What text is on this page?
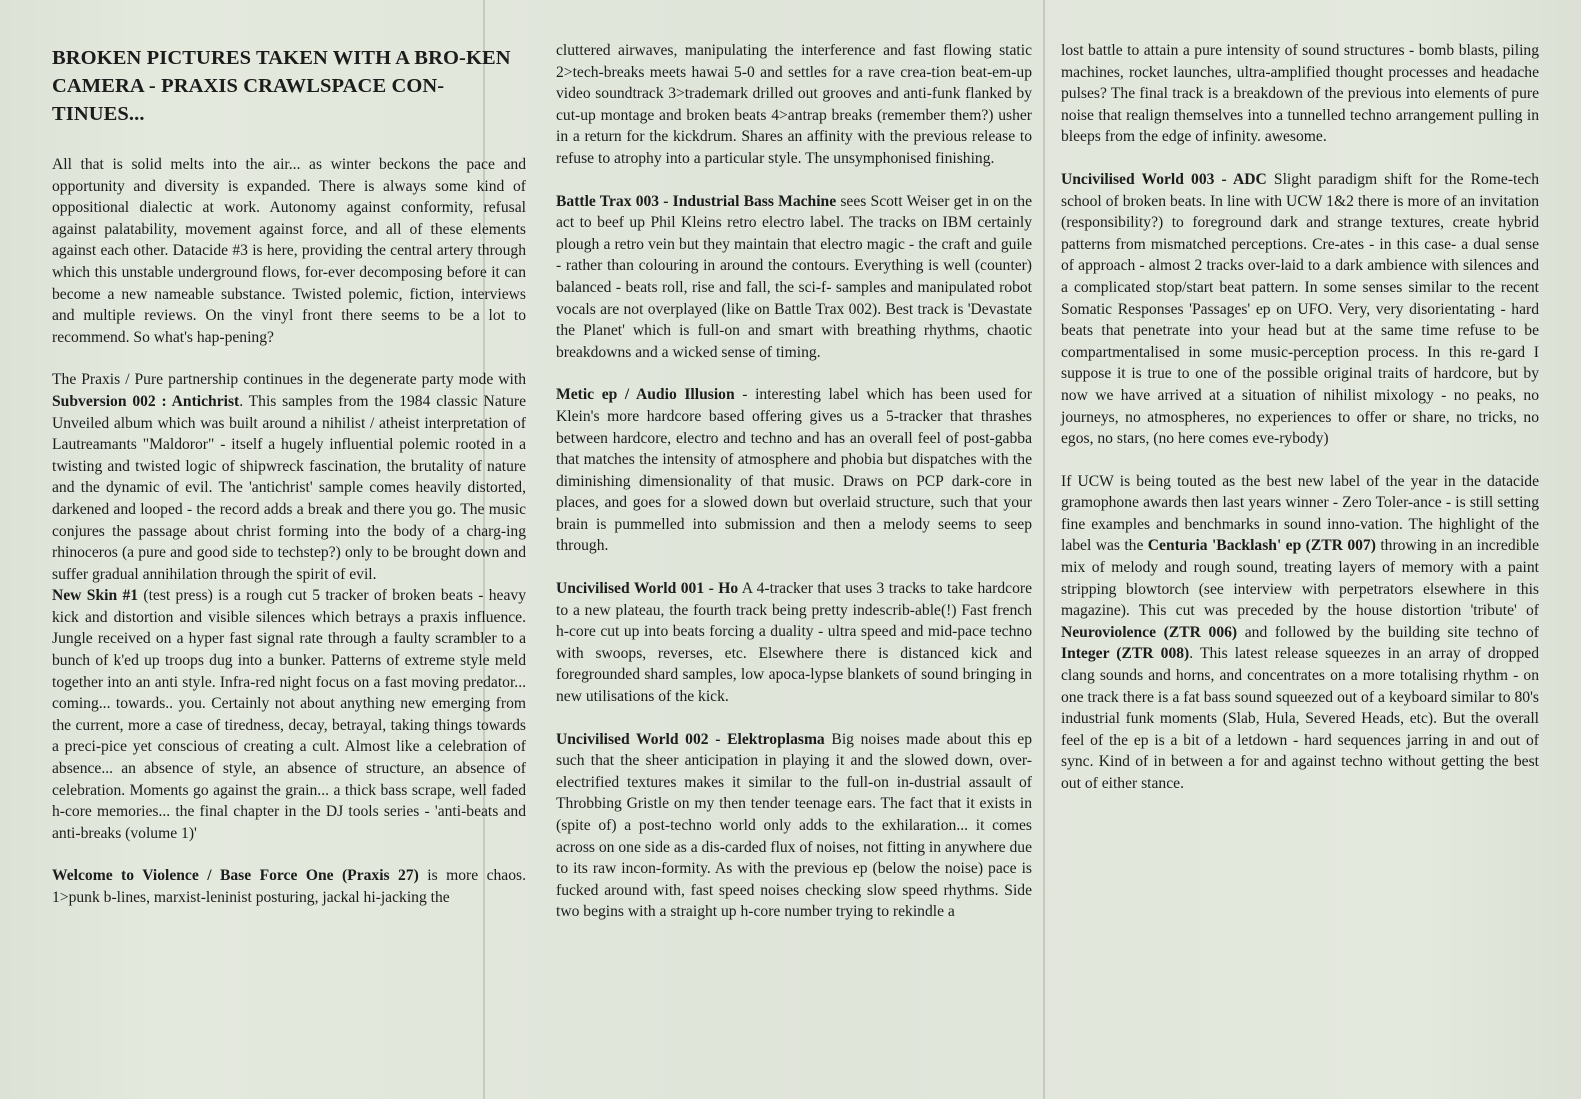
BROKEN PICTURES TAKEN WITH A BRO-KEN CAMERA - PRAXIS CRAWLSPACE CON-TINUES...

All that is solid melts into the air... as winter beckons the pace and opportunity and diversity is expanded. There is always some kind of oppositional dialectic at work. Autonomy against conformity, refusal against palatability, movement against force, and all of these elements against each other. Datacide #3 is here, providing the central artery through which this unstable underground flows, for-ever decomposing before it can become a new nameable substance. Twisted polemic, fiction, interviews and multiple reviews. On the vinyl front there seems to be a lot to recommend. So what's hap-pening?

The Praxis / Pure partnership continues in the degenerate party mode with Subversion 002 : Antichrist. This samples from the 1984 classic Nature Unveiled album which was built around a nihilist / atheist interpretation of Lautreamants "Maldoror" - itself a hugely influential polemic rooted in a twisting and twisted logic of shipwreck fascination, the brutality of nature and the dynamic of evil. The 'antichrist' sample comes heavily distorted, darkened and looped - the record adds a break and there you go. The music conjures the passage about christ forming into the body of a charg-ing rhinoceros (a pure and good side to techstep?) only to be brought down and suffer gradual annihilation through the spirit of evil.

New Skin #1 (test press) is a rough cut 5 tracker of broken beats - heavy kick and distortion and visible silences which betrays a praxis influence. Jungle received on a hyper fast signal rate through a faulty scrambler to a bunch of k'ed up troops dug into a bunker. Patterns of extreme style meld together into an anti style. Infra-red night focus on a fast moving predator... coming... towards.. you. Certainly not about anything new emerging from the current, more a case of tiredness, decay, betrayal, taking things towards a preci-pice yet conscious of creating a cult. Almost like a celebration of absence... an absence of style, an absence of structure, an absence of celebration. Moments go against the grain... a thick bass scrape, well faded h-core memories... the final chapter in the DJ tools series - 'anti-beats and anti-breaks (volume 1)'

Welcome to Violence / Base Force One (Praxis 27) is more chaos. 1>punk b-lines, marxist-leninist posturing, jackal hi-jacking the

cluttered airwaves, manipulating the interference and fast flowing static 2>tech-breaks meets hawai 5-0 and settles for a rave crea-tion beat-em-up video soundtrack 3>trademark drilled out grooves and anti-funk flanked by cut-up montage and broken beats 4>antrap breaks (remember them?) usher in a return for the kickdrum. Shares an affinity with the previous release to refuse to atrophy into a particular style. The unsymphonised finishing.

Battle Trax 003 - Industrial Bass Machine sees Scott Weiser get in on the act to beef up Phil Kleins retro electro label. The tracks on IBM certainly plough a retro vein but they maintain that electro magic - the craft and guile - rather than colouring in around the contours. Everything is well (counter) balanced - beats roll, rise and fall, the sci-f- samples and manipulated robot vocals are not overplayed (like on Battle Trax 002). Best track is 'Devastate the Planet' which is full-on and smart with breathing rhythms, chaotic breakdowns and a wicked sense of timing.

Metic ep / Audio Illusion - interesting label which has been used for Klein's more hardcore based offering gives us a 5-tracker that thrashes between hardcore, electro and techno and has an overall feel of post-gabba that matches the intensity of atmosphere and phobia but dispatches with the diminishing dimensionality of that music. Draws on PCP dark-core in places, and goes for a slowed down but overlaid structure, such that your brain is pummelled into submission and then a melody seems to seep through.

Uncivilised World 001 - Ho A 4-tracker that uses 3 tracks to take hardcore to a new plateau, the fourth track being pretty indescrib-able(!) Fast french h-core cut up into beats forcing a duality - ultra speed and mid-pace techno with swoops, reverses, etc. Elsewhere there is distanced kick and foregrounded shard samples, low apoca-lypse blankets of sound bringing in new utilisations of the kick.

Uncivilised World 002 - Elektroplasma Big noises made about this ep such that the sheer anticipation in playing it and the slowed down, over-electrified textures makes it similar to the full-on in-dustrial assault of Throbbing Gristle on my then tender teenage ears. The fact that it exists in (spite of) a post-techno world only adds to the exhilaration... it comes across on one side as a dis-carded flux of noises, not fitting in anywhere due to its raw incon-formity. As with the previous ep (below the noise) pace is fucked around with, fast speed noises checking slow speed rhythms. Side two begins with a straight up h-core number trying to rekindle a

lost battle to attain a pure intensity of sound structures - bomb blasts, piling machines, rocket launches, ultra-amplified thought processes and headache pulses? The final track is a breakdown of the previous into elements of pure noise that realign themselves into a tunnelled techno arrangement pulling in bleeps from the edge of infinity. awesome.

Uncivilised World 003 - ADC Slight paradigm shift for the Rome-tech school of broken beats. In line with UCW 1&2 there is more of an invitation (responsibility?) to foreground dark and strange textures, create hybrid patterns from mismatched perceptions. Cre-ates - in this case- a dual sense of approach - almost 2 tracks over-laid to a dark ambience with silences and a complicated stop/start beat pattern. In some senses similar to the recent Somatic Responses 'Passages' ep on UFO. Very, very disorientating - hard beats that penetrate into your head but at the same time refuse to be compartmentalised in some music-perception process. In this re-gard I suppose it is true to one of the possible original traits of hardcore, but by now we have arrived at a situation of nihilist mixology - no peaks, no journeys, no atmospheres, no experiences to offer or share, no tricks, no egos, no stars, (no here comes eve-rybody)

If UCW is being touted as the best new label of the year in the datacide gramophone awards then last years winner - Zero Toler-ance - is still setting fine examples and benchmarks in sound inno-vation. The highlight of the label was the Centuria 'Backlash' ep (ZTR 007) throwing in an incredible mix of melody and rough sound, treating layers of memory with a paint stripping blowtorch (see interview with perpetrators elsewhere in this magazine). This cut was preceded by the house distortion 'tribute' of Neuroviolence (ZTR 006) and followed by the building site techno of Integer (ZTR 008). This latest release squeezes in an array of dropped clang sounds and horns, and concentrates on a more totalising rhythm - on one track there is a fat bass sound squeezed out of a keyboard similar to 80's industrial funk moments (Slab, Hula, Severed Heads, etc). But the overall feel of the ep is a bit of a letdown - hard sequences jarring in and out of sync. Kind of in between a for and against techno without getting the best out of either stance.
